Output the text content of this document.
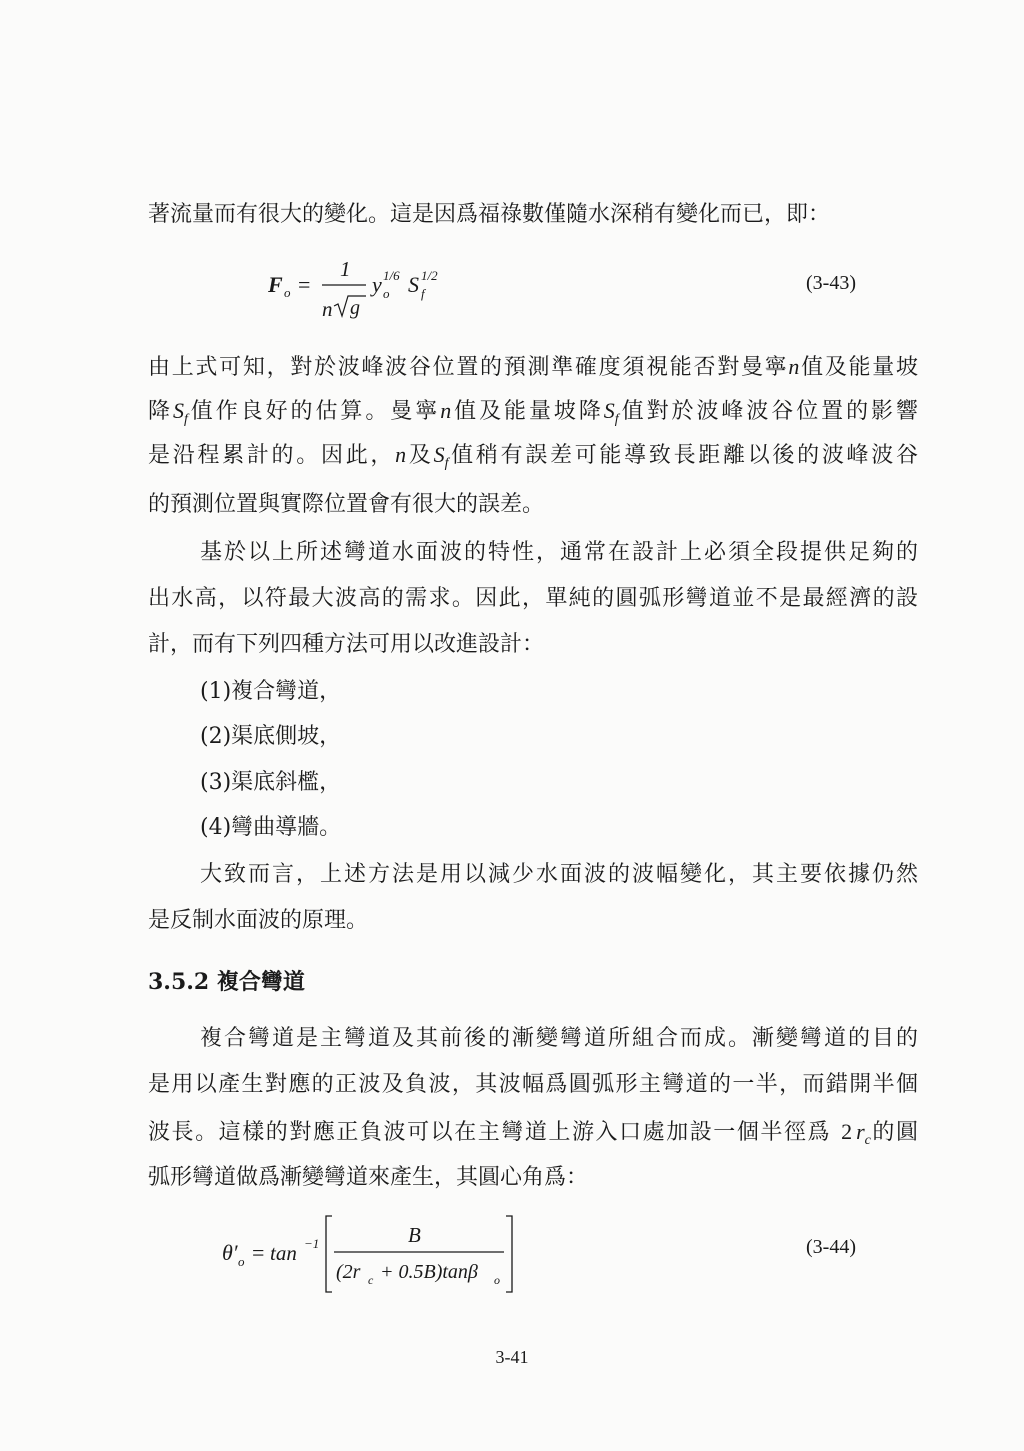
著流量而有很大的變化。這是因爲福祿數僅隨水深稍有變化而已，即：
F o =
1
n g
y o
1/6 S f
1/2	(3-43)
由上式可知，對於波峰波谷位置的預測準確度須視能否對曼寧n值及能量坡
降$S_f$值作良好的估算。曼寧n值及能量坡降$S_f$值對於波峰波谷位置的影響
是沿程累計的。因此，n及$S_f$值稍有誤差可能導致長距離以後的波峰波谷
的預測位置與實際位置會有很大的誤差。
基於以上所述彎道水面波的特性，通常在設計上必須全段提供足夠的
出水高，以符最大波高的需求。因此，單純的圓弧形彎道並不是最經濟的設
計，而有下列四種方法可用以改進設計：
(1)複合彎道，
(2)渠底側坡，
(3)渠底斜檻，
(4)彎曲導牆。
大致而言，上述方法是用以減少水面波的波幅變化，其主要依據仍然
是反制水面波的原理。
3.5.2 複合彎道
複合彎道是主彎道及其前後的漸變彎道所組合而成。漸變彎道的目的
是用以產生對應的正波及負波，其波幅爲圓弧形主彎道的一半，而錯開半個
波長。這樣的對應正負波可以在主彎道上游入口處加設一個半徑爲 2 $r_c$的圓
弧形彎道做爲漸變彎道來產生，其圓心角爲：
θ′ o = tan −1	B
(2r c + 0.5B)tanβ o
(3-44)
3-41
